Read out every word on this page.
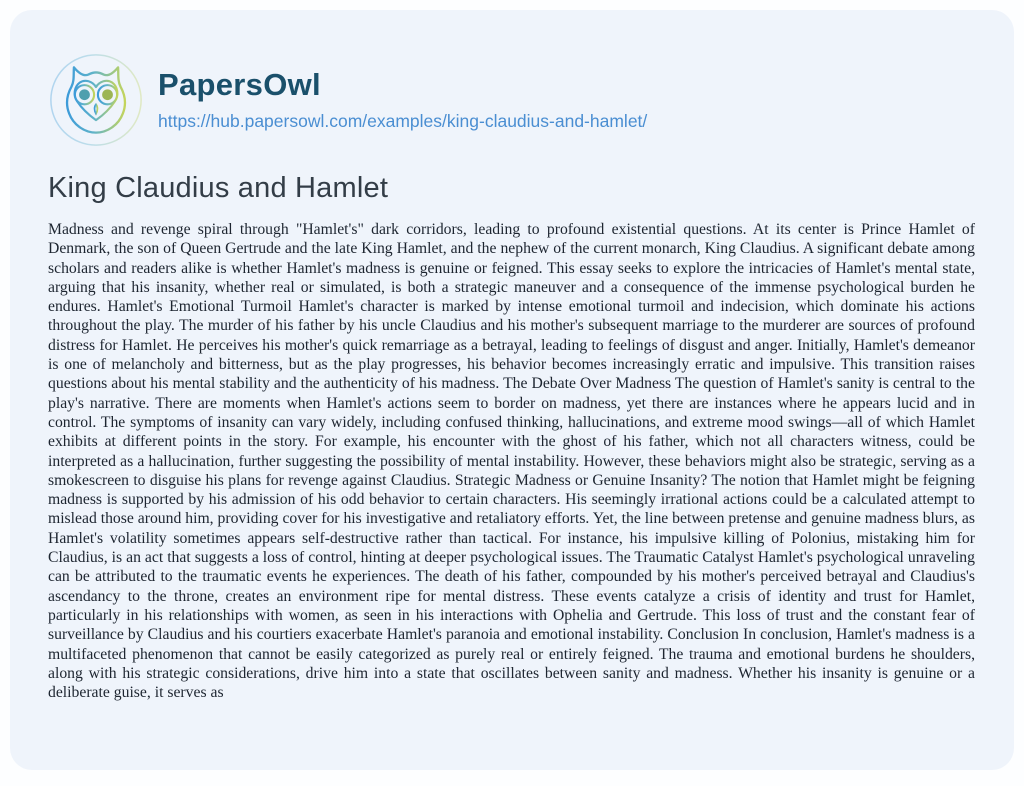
PapersOwl
https://hub.papersowl.com/examples/king-claudius-and-hamlet/
King Claudius and Hamlet

Madness and revenge spiral through "Hamlet's" dark corridors, leading to profound existential questions. At its center is Prince Hamlet of Denmark, the son of Queen Gertrude and the late King Hamlet, and the nephew of the current monarch, King Claudius. A significant debate among scholars and readers alike is whether Hamlet's madness is genuine or feigned. This essay seeks to explore the intricacies of Hamlet's mental state, arguing that his insanity, whether real or simulated, is both a strategic maneuver and a consequence of the immense psychological burden he endures. Hamlet's Emotional Turmoil Hamlet's character is marked by intense emotional turmoil and indecision, which dominate his actions throughout the play. The murder of his father by his uncle Claudius and his mother's subsequent marriage to the murderer are sources of profound distress for Hamlet. He perceives his mother's quick remarriage as a betrayal, leading to feelings of disgust and anger. Initially, Hamlet's demeanor is one of melancholy and bitterness, but as the play progresses, his behavior becomes increasingly erratic and impulsive. This transition raises questions about his mental stability and the authenticity of his madness. The Debate Over Madness The question of Hamlet's sanity is central to the play's narrative. There are moments when Hamlet's actions seem to border on madness, yet there are instances where he appears lucid and in control. The symptoms of insanity can vary widely, including confused thinking, hallucinations, and extreme mood swings—all of which Hamlet exhibits at different points in the story. For example, his encounter with the ghost of his father, which not all characters witness, could be interpreted as a hallucination, further suggesting the possibility of mental instability. However, these behaviors might also be strategic, serving as a smokescreen to disguise his plans for revenge against Claudius. Strategic Madness or Genuine Insanity? The notion that Hamlet might be feigning madness is supported by his admission of his odd behavior to certain characters. His seemingly irrational actions could be a calculated attempt to mislead those around him, providing cover for his investigative and retaliatory efforts. Yet, the line between pretense and genuine madness blurs, as Hamlet's volatility sometimes appears self-destructive rather than tactical. For instance, his impulsive killing of Polonius, mistaking him for Claudius, is an act that suggests a loss of control, hinting at deeper psychological issues. The Traumatic Catalyst Hamlet's psychological unraveling can be attributed to the traumatic events he experiences. The death of his father, compounded by his mother's perceived betrayal and Claudius's ascendancy to the throne, creates an environment ripe for mental distress. These events catalyze a crisis of identity and trust for Hamlet, particularly in his relationships with women, as seen in his interactions with Ophelia and Gertrude. This loss of trust and the constant fear of surveillance by Claudius and his courtiers exacerbate Hamlet's paranoia and emotional instability. Conclusion In conclusion, Hamlet's madness is a multifaceted phenomenon that cannot be easily categorized as purely real or entirely feigned. The trauma and emotional burdens he shoulders, along with his strategic considerations, drive him into a state that oscillates between sanity and madness. Whether his insanity is genuine or a deliberate guise, it serves as
